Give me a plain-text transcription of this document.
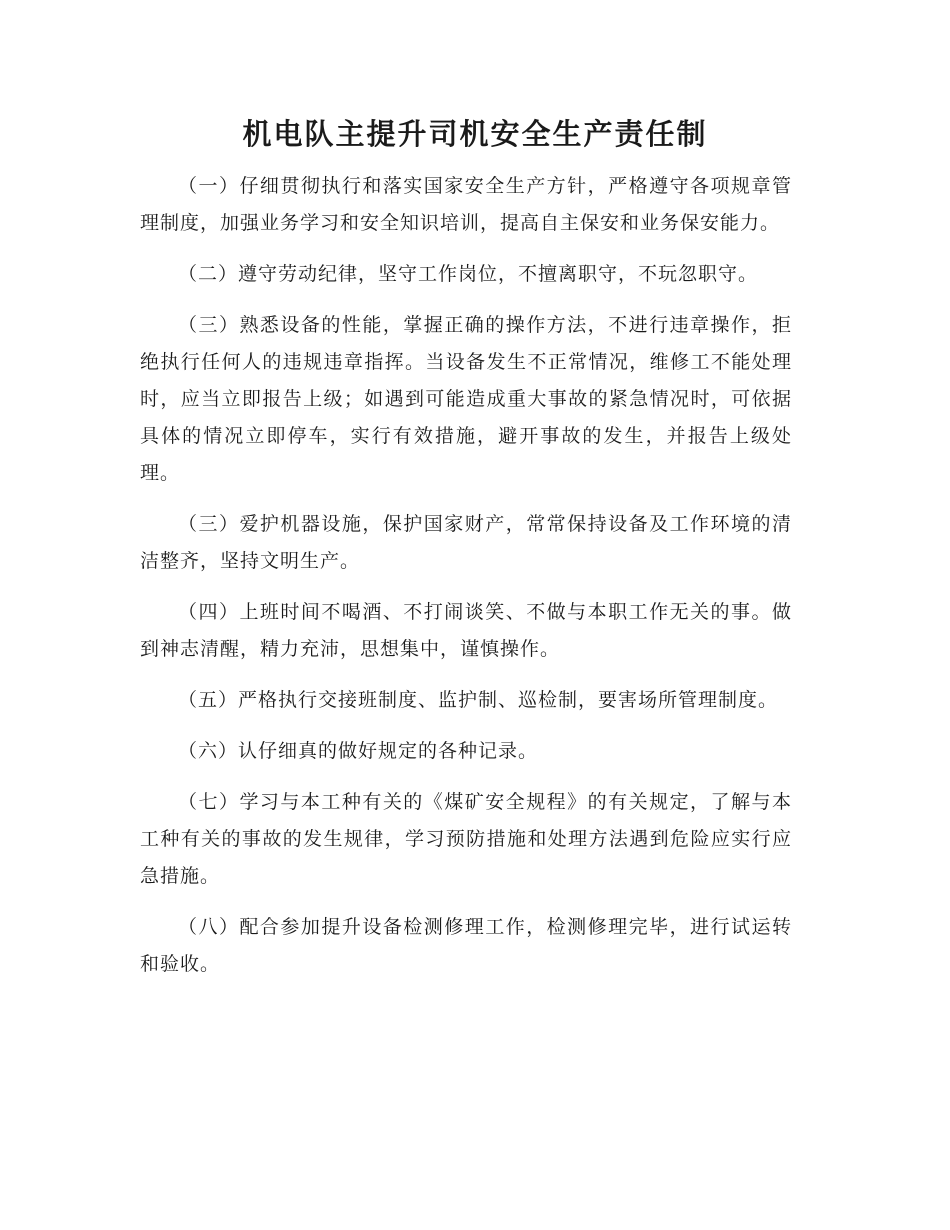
机电队主提升司机安全生产责任制

（一）仔细贯彻执行和落实国家安全生产方针，严格遵守各项规章管理制度，加强业务学习和安全知识培训，提高自主保安和业务保安能力。

（二）遵守劳动纪律，坚守工作岗位，不擅离职守，不玩忽职守。

（三）熟悉设备的性能，掌握正确的操作方法，不进行违章操作，拒绝执行任何人的违规违章指挥。当设备发生不正常情况，维修工不能处理时，应当立即报告上级；如遇到可能造成重大事故的紧急情况时，可依据具体的情况立即停车，实行有效措施，避开事故的发生，并报告上级处理。

（三）爱护机器设施，保护国家财产，常常保持设备及工作环境的清洁整齐，坚持文明生产。

（四）上班时间不喝酒、不打闹谈笑、不做与本职工作无关的事。做到神志清醒，精力充沛，思想集中，谨慎操作。

（五）严格执行交接班制度、监护制、巡检制，要害场所管理制度。

（六）认仔细真的做好规定的各种记录。

（七）学习与本工种有关的《煤矿安全规程》的有关规定，了解与本工种有关的事故的发生规律，学习预防措施和处理方法遇到危险应实行应急措施。

（八）配合参加提升设备检测修理工作，检测修理完毕，进行试运转和验收。
